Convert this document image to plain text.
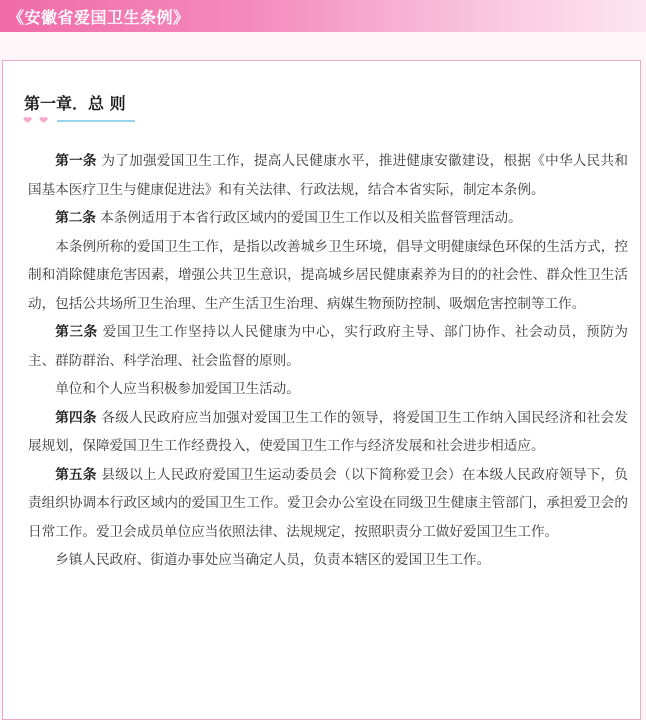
《安徽省爱国卫生条例》
第一章．总 则
❤ ❤

第一条 为了加强爱国卫生工作，提高人民健康水平，推进健康安徽建设，根据《中华人民共和国基本医疗卫生与健康促进法》和有关法律、行政法规，结合本省实际，制定本条例。

第二条 本条例适用于本省行政区域内的爱国卫生工作以及相关监督管理活动。

本条例所称的爱国卫生工作，是指以改善城乡卫生环境，倡导文明健康绿色环保的生活方式，控制和消除健康危害因素，增强公共卫生意识，提高城乡居民健康素养为目的的社会性、群众性卫生活动，包括公共场所卫生治理、生产生活卫生治理、病媒生物预防控制、吸烟危害控制等工作。

第三条 爱国卫生工作坚持以人民健康为中心，实行政府主导、部门协作、社会动员，预防为主、群防群治、科学治理、社会监督的原则。

单位和个人应当积极参加爱国卫生活动。

第四条 各级人民政府应当加强对爱国卫生工作的领导，将爱国卫生工作纳入国民经济和社会发展规划，保障爱国卫生工作经费投入，使爱国卫生工作与经济发展和社会进步相适应。

第五条 县级以上人民政府爱国卫生运动委员会（以下简称爱卫会）在本级人民政府领导下，负责组织协调本行政区域内的爱国卫生工作。爱卫会办公室设在同级卫生健康主管部门，承担爱卫会的日常工作。爱卫会成员单位应当依照法律、法规规定，按照职责分工做好爱国卫生工作。

乡镇人民政府、街道办事处应当确定人员，负责本辖区的爱国卫生工作。
